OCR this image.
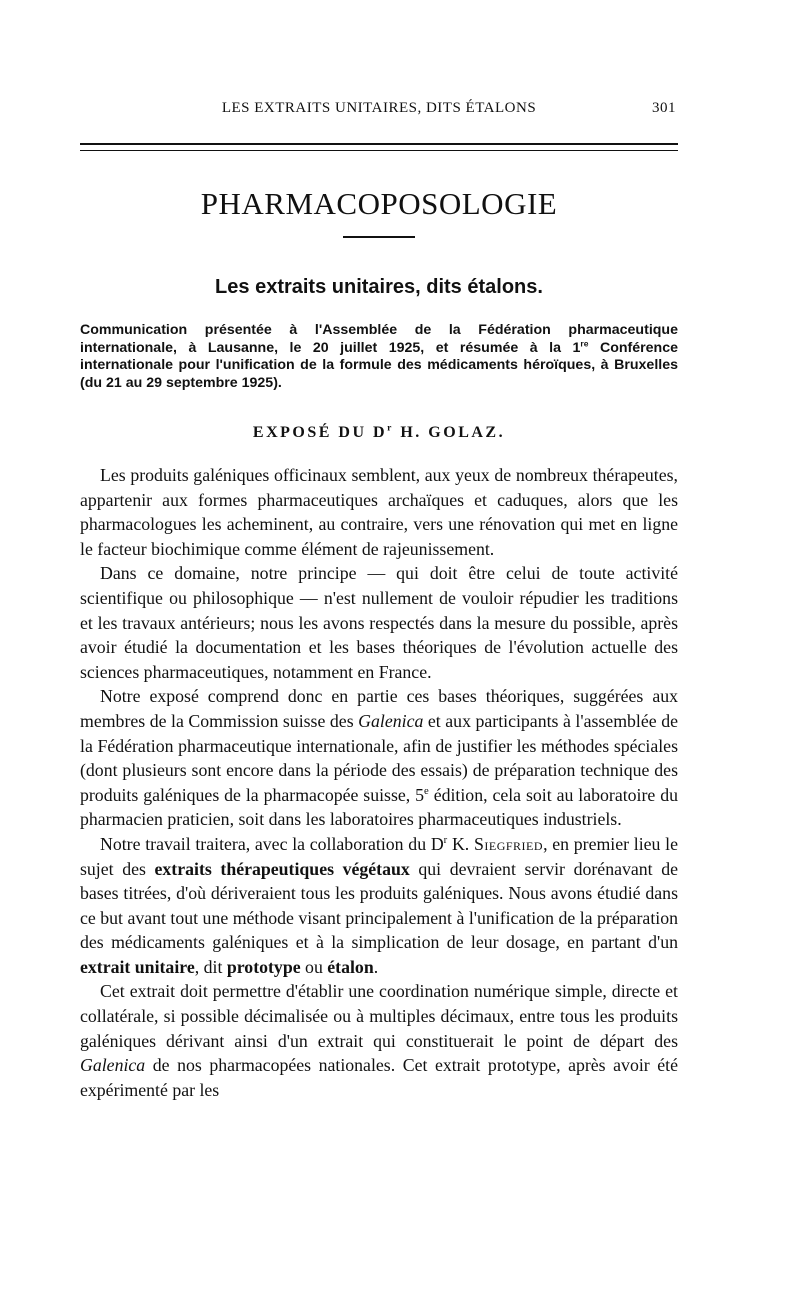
LES EXTRAITS UNITAIRES, DITS ÉTALONS	301
PHARMACOPOSOLOGIE
Les extraits unitaires, dits étalons.
Communication présentée à l'Assemblée de la Fédération pharmaceutique internationale, à Lausanne, le 20 juillet 1925, et résumée à la 1re Conférence internationale pour l'unification de la formule des médicaments héroïques, à Bruxelles (du 21 au 29 septembre 1925).
EXPOSÉ DU $D^r$ H. GOLAZ.

Les produits galéniques officinaux semblent, aux yeux de nombreux thérapeutes, appartenir aux formes pharmaceutiques archaïques et caduques, alors que les pharmacologues les acheminent, au contraire, vers une rénovation qui met en ligne le facteur biochimique comme élément de rajeunissement.

Dans ce domaine, notre principe — qui doit être celui de toute activité scientifique ou philosophique — n'est nullement de vouloir répudier les traditions et les travaux antérieurs; nous les avons respectés dans la mesure du possible, après avoir étudié la documentation et les bases théoriques de l'évolution actuelle des sciences pharmaceutiques, notamment en France.

Notre exposé comprend donc en partie ces bases théoriques, suggérées aux membres de la Commission suisse des Galenica et aux participants à l'assemblée de la Fédération pharmaceutique internationale, afin de justifier les méthodes spéciales (dont plusieurs sont encore dans la période des essais) de préparation technique des produits galéniques de la pharmacopée suisse, 5e édition, cela soit au laboratoire du pharmacien praticien, soit dans les laboratoires pharmaceutiques industriels.

Notre travail traitera, avec la collaboration du $D^r$ K. Siegfried, en premier lieu le sujet des extraits thérapeutiques végétaux qui devraient servir dorénavant de bases titrées, d'où dériveraient tous les produits galéniques. Nous avons étudié dans ce but avant tout une méthode visant principalement à l'unification de la préparation des médicaments galéniques et à la simplication de leur dosage, en partant d'un extrait unitaire, dit prototype ou étalon.

Cet extrait doit permettre d'établir une coordination numérique simple, directe et collatérale, si possible décimalisée ou à multiples décimaux, entre tous les produits galéniques dérivant ainsi d'un extrait qui constituerait le point de départ des Galenica de nos pharmacopées nationales. Cet extrait prototype, après avoir été expérimenté par les
